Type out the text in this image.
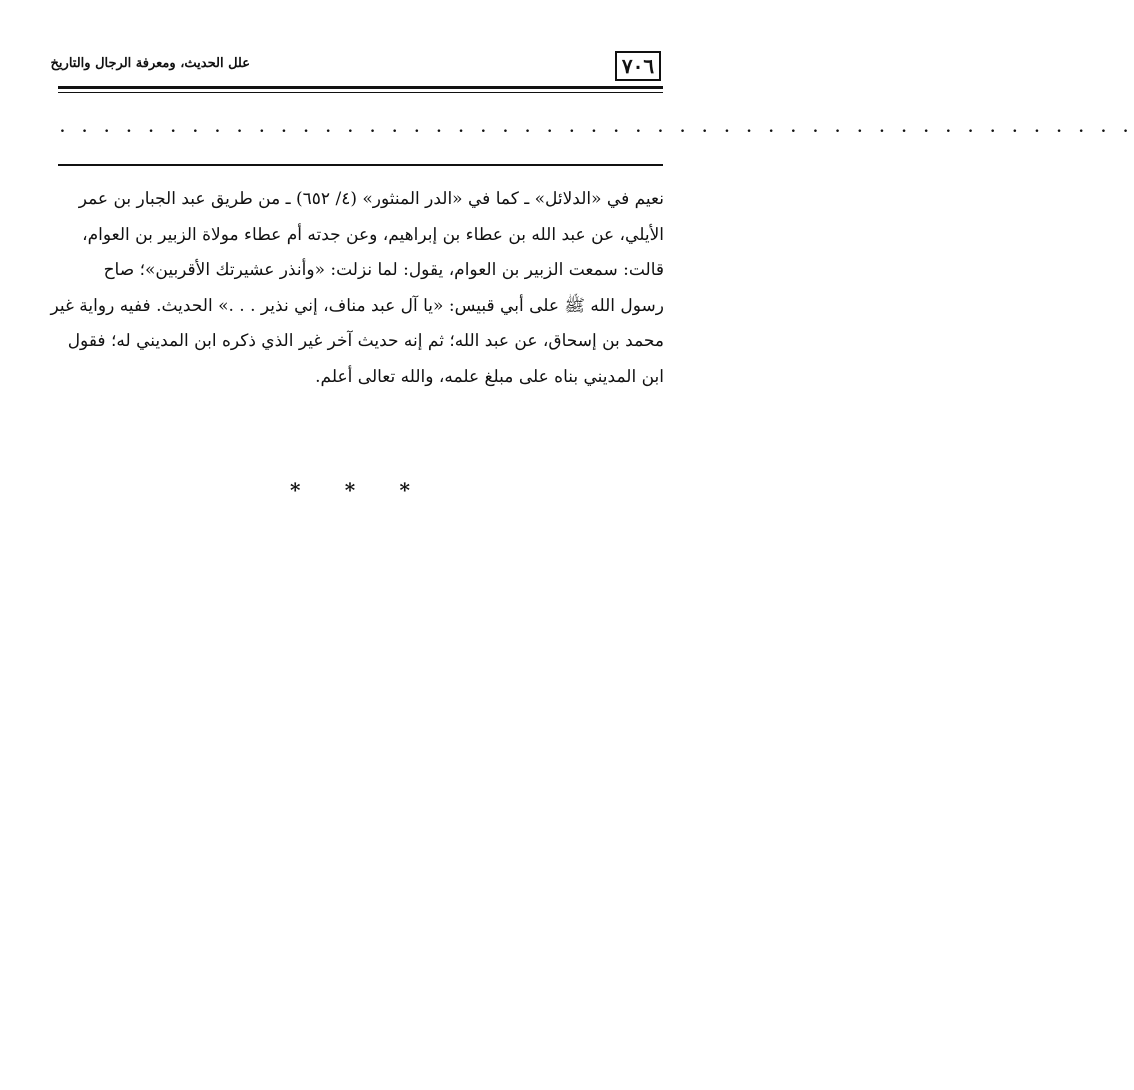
٧٠٦
علل الحديث، ومعرفة الرجال والتاريخ
. . . . . . . . . . . . . . . . . . . . . . . . . . . . . . . . . . . . . . . . . . . . . . . . .
نعيم في «الدلائل» ـ كما في «الدر المنثور» (٤/ ٦٥٢) ـ من طريق عبد الجبار بن عمر
الأيلي، عن عبد الله بن عطاء بن إبراهيم، وعن جدته أم عطاء مولاة الزبير بن العوام،
قالت: سمعت الزبير بن العوام، يقول: لما نزلت: «وأنذر عشيرتك الأقربين»؛ صاح
رسول الله ﷺ على أبي قبيس: «يا آل عبد مناف، إني نذير . . .» الحديث. ففيه رواية غير
محمد بن إسحاق، عن عبد الله؛ ثم إنه حديث آخر غير الذي ذكره ابن المديني له؛ فقول
ابن المديني بناه على مبلغ علمه، والله تعالى أعلم.
* * *
